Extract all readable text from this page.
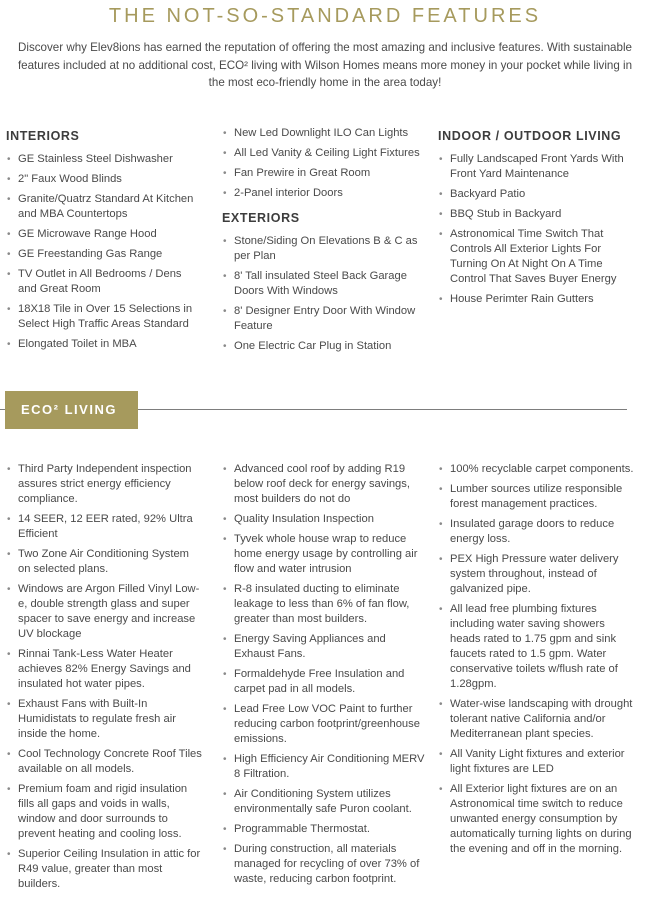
THE NOT-SO-STANDARD FEATURES

Discover why Elev8ions has earned the reputation of offering the most amazing and inclusive features. With sustainable features included at no additional cost, ECO² living with Wilson Homes means more money in your pocket while living in the most eco-friendly home in the area today!

INTERIORS
• GE Stainless Steel Dishwasher
• 2" Faux Wood Blinds
• Granite/Quatrz Standard At Kitchen and MBA Countertops
• GE Microwave Range Hood
• GE Freestanding Gas Range
• TV Outlet in All Bedrooms / Dens and Great Room
• 18X18 Tile in Over 15 Selections in Select High Traffic Areas Standard
• Elongated Toilet in MBA
• New Led Downlight ILO Can Lights
• All Led Vanity & Ceiling Light Fixtures
• Fan Prewire in Great Room
• 2-Panel interior Doors
EXTERIORS
• Stone/Siding On Elevations B & C as per Plan
• 8' Tall insulated Steel Back Garage Doors With Windows
• 8' Designer Entry Door With Window Feature
• One Electric Car Plug in Station
INDOOR / OUTDOOR LIVING
• Fully Landscaped Front Yards With Front Yard Maintenance
• Backyard Patio
• BBQ Stub in Backyard
• Astronomical Time Switch That Controls All Exterior Lights For Turning On At Night On A Time Control That Saves Buyer Energy
• House Perimter Rain Gutters
ECO² LIVING
• Third Party Independent inspection assures strict energy efficiency compliance.
• 14 SEER, 12 EER rated, 92% Ultra Efficient
• Two Zone Air Conditioning System on selected plans.
• Windows are Argon Filled Vinyl Low-e, double strength glass and super spacer to save energy and increase UV blockage
• Rinnai Tank-Less Water Heater achieves 82% Energy Savings and insulated hot water pipes.
• Exhaust Fans with Built-In Humidistats to regulate fresh air inside the home.
• Cool Technology Concrete Roof Tiles available on all models.
• Premium foam and rigid insulation fills all gaps and voids in walls, window and door surrounds to prevent heating and cooling loss.
• Superior Ceiling Insulation in attic for R49 value, greater than most builders.
• Advanced cool roof by adding R19 below roof deck for energy savings, most builders do not do
• Quality Insulation Inspection
• Tyvek whole house wrap to reduce home energy usage by controlling air flow and water intrusion
• R-8 insulated ducting to eliminate leakage to less than 6% of fan flow, greater than most builders.
• Energy Saving Appliances and Exhaust Fans.
• Formaldehyde Free Insulation and carpet pad in all models.
• Lead Free Low VOC Paint to further reducing carbon footprint/greenhouse emissions.
• High Efficiency Air Conditioning MERV 8 Filtration.
• Air Conditioning System utilizes environmentally safe Puron coolant.
• Programmable Thermostat.
• During construction, all materials managed for recycling of over 73% of waste, reducing carbon footprint.
• 100% recyclable carpet components.
• Lumber sources utilize responsible forest management practices.
• Insulated garage doors to reduce energy loss.
• PEX High Pressure water delivery system throughout, instead of galvanized pipe.
• All lead free plumbing fixtures including water saving showers heads rated to 1.75 gpm and sink faucets rated to 1.5 gpm. Water conservative toilets w/flush rate of 1.28gpm.
• Water-wise landscaping with drought tolerant native California and/or Mediterranean plant species.
• All Vanity Light fixtures and exterior light fixtures are LED
• All Exterior light fixtures are on an Astronomical time switch to reduce unwanted energy consumption by automatically turning lights on during the evening and off in the morning.
